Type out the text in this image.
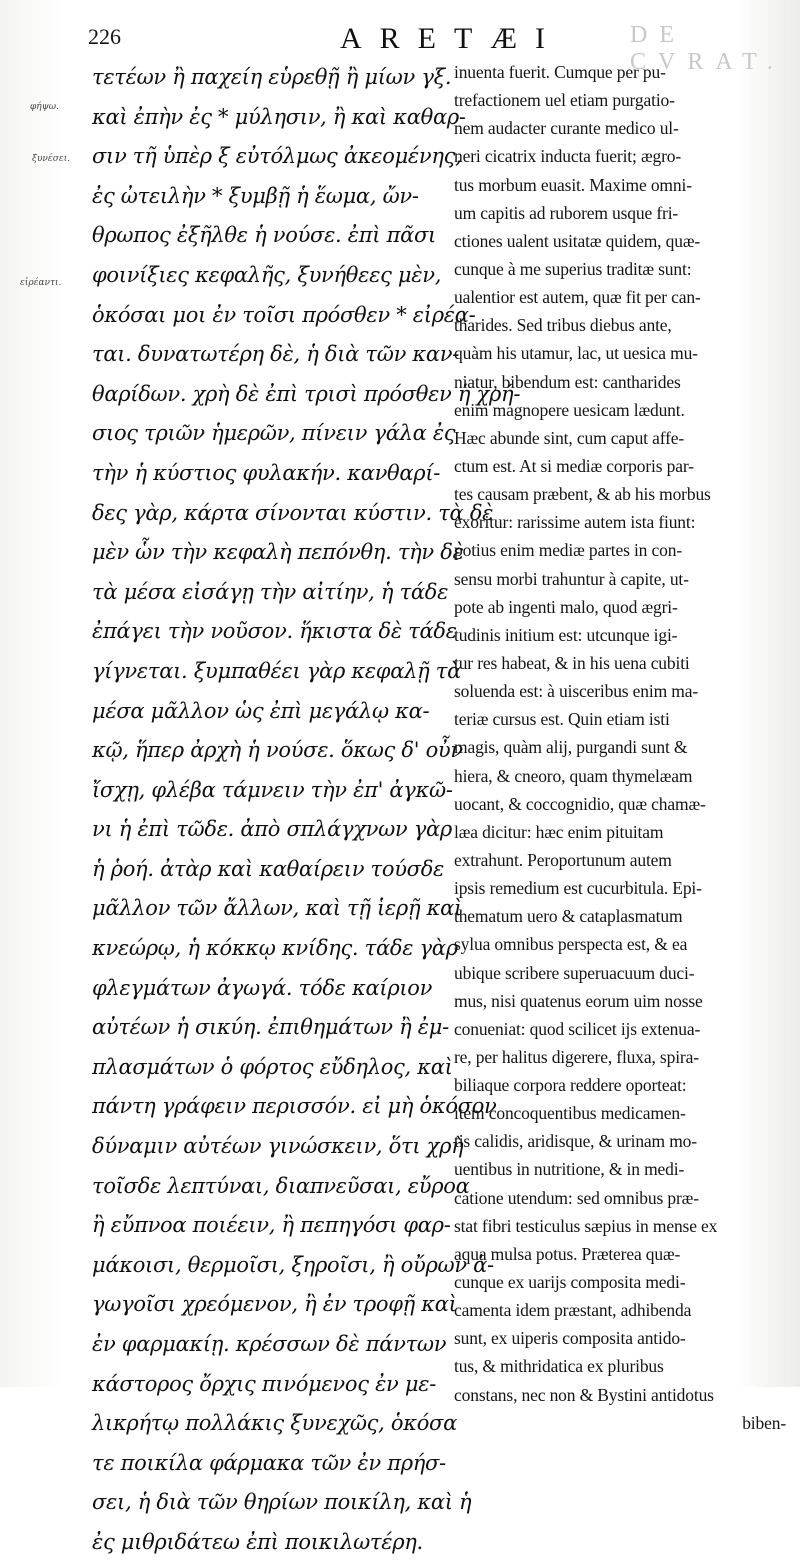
226	ARETÆI	DE CVRAT.
φήψω.
ξυνέσει.
εἰρέαντι.
τετέων ἢ παχείη εὑρεθῇ ἢ μίων γξ.
καὶ ἐπὴν ἐς * μύλησιν, ἢ καὶ καθαρ-
σιν τῆ ὑπὲρ ξ εὐτόλμως ἀκεομένης,
ἐς ὠτειλὴν * ξυμβῇ ἡ ἕωμα, ὤν-
θρωπος ἐξῆλθε ἡ νούσε. ἐπὶ πᾶσι
φοινίξιες κεφαλῆς, ξυνήθεες μὲν,
ὁκόσαι μοι ἐν τοῖσι πρόσθεν * εἰρέα-
ται. δυνατωτέρη δὲ, ἡ διὰ τῶν καν-
θαρίδων. χρὴ δὲ ἐπὶ τρισὶ πρόσθεν ἡ χρή-
σιος τριῶν ἡμερῶν, πίνειν γάλα ἐς
τὴν ἡ κύστιος φυλακήν. κανθαρί-
δες γὰρ, κάρτα σίνονται κύστιν. τὰ δὲ
μὲν ὧν τὴν κεφαλὴ πεπόνθη. τὴν δὲ
τὰ μέσα εἰσάγῃ τὴν αἰτίην, ἡ τάδε
ἐπάγει τὴν νοῦσον. ἥκιστα δὲ τάδε
γίγνεται. ξυμπαθέει γὰρ κεφαλῇ τὰ
μέσα μᾶλλον ὡς ἐπὶ μεγάλῳ κα-
κῷ, ἥπερ ἀρχὴ ἡ νούσε. ὅκως δ' οὖν
ἴσχῃ, φλέβα τάμνειν τὴν ἐπ' ἀγκῶ-
νι ἡ ἐπὶ τῶδε. ἀπὸ σπλάγχνων γὰρ
ἡ ῥοή. ἀτὰρ καὶ καθαίρειν τούσδε
μᾶλλον τῶν ἄλλων, καὶ τῇ ἱερῇ καὶ
κνεώρῳ, ἡ κόκκῳ κνίδης. τάδε γὰρ
φλεγμάτων ἀγωγά. τόδε καίριον
αὐτέων ἡ σικύη. ἐπιθημάτων ἢ ἐμ-
πλασμάτων ὁ φόρτος εὔδηλος, καὶ
πάντη γράφειν περισσόν. εἰ μὴ ὁκόσον
δύναμιν αὐτέων γινώσκειν, ὅτι χρὴ
τοῖσδε λεπτύναι, διαπνεῦσαι, εὔροα
ἢ εὔπνοα ποιέειν, ἢ πεπηγόσι φαρ-
μάκοισι, θερμοῖσι, ξηροῖσι, ἢ οὔρων ἀ-
γωγοῖσι χρεόμενον, ἢ ἐν τροφῇ καὶ
ἐν φαρμακίῃ. κρέσσων δὲ πάντων
κάστορος ὄρχις πινόμενος ἐν με-
λικρήτῳ πολλάκις ξυνεχῶς, ὁκόσα
τε ποικίλα φάρμακα τῶν ἐν πρήσ-
σει, ἡ διὰ τῶν θηρίων ποικίλη, καὶ ἡ
ἐς μιθριδάτεω ἐπὶ ποικιλωτέρη.
inuenta fuerit. Cumque per pu-
trefactionem uel etiam purgatio-
nem audacter curante medico ul-
neri cicatrix inducta fuerit; ægro-
tus morbum euasit. Maxime omni-
um capitis ad ruborem usque fri-
ctiones ualent usitatæ quidem, quæ-
cunque à me superius traditæ sunt:
ualentior est autem, quæ fit per can-
tharides. Sed tribus diebus ante,
quàm his utamur, lac, ut uesica mu-
niatur, bibendum est: cantharides
enim magnopere uesicam lædunt.
Hæc abunde sint, cum caput affe-
ctum est. At si mediæ corporis par-
tes causam præbent, & ab his morbus
exoritur: rarissime autem ista fiunt:
potius enim mediæ partes in con-
sensu morbi trahuntur à capite, ut-
pote ab ingenti malo, quod ægri-
tudinis initium est: utcunque igi-
tur res habeat, & in his uena cubiti
soluenda est: à uisceribus enim ma-
teriæ cursus est. Quin etiam isti
magis, quàm alij, purgandi sunt &
hiera, & cneoro, quam thymelæam
uocant, & coccognidio, quæ chamæ-
læa dicitur: hæc enim pituitam
extrahunt. Peroportunum autem
ipsis remedium est cucurbitula. Epi-
thematum uero & cataplasmatum
sylua omnibus perspecta est, & ea
ubique scribere superuacuum duci-
mus, nisi quatenus eorum uim nosse
conueniat: quod scilicet ijs extenua-
re, per halitus digerere, fluxa, spira-
biliaque corpora reddere oporteat:
item concoquentibus medicamen-
tis calidis, aridisque, & urinam mo-
uentibus in nutritione, & in medi-
catione utendum: sed omnibus præ-
stat fibri testiculus sæpius in mense ex
aqua mulsa potus. Præterea quæ-
cunque ex uarijs composita medi-
camenta idem præstant, adhibenda
sunt, ex uiperis composita antido-
tus, & mithridatica ex pluribus
constans, nec non & Bystini antidotus
biben-
